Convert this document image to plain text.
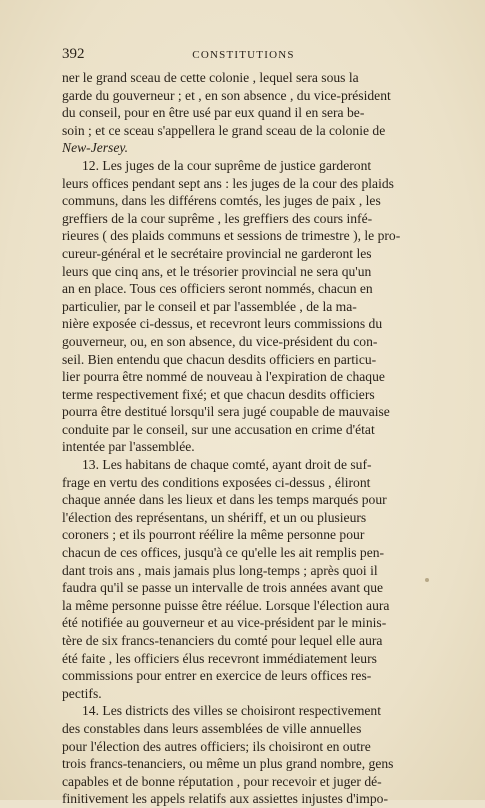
392	CONSTITUTIONS
ner le grand sceau de cette colonie , lequel sera sous la
garde du gouverneur ; et , en son absence , du vice-président
du conseil, pour en être usé par eux quand il en sera be-
soin ; et ce sceau s'appellera le grand sceau de la colonie de
New-Jersey.
12. Les juges de la cour suprême de justice garderont
leurs offices pendant sept ans : les juges de la cour des plaids
communs, dans les différens comtés, les juges de paix , les
greffiers de la cour suprême , les greffiers des cours infé-
rieures ( des plaids communs et sessions de trimestre ), le pro-
cureur-général et le secrétaire provincial ne garderont les
leurs que cinq ans, et le trésorier provincial ne sera qu'un
an en place. Tous ces officiers seront nommés, chacun en
particulier, par le conseil et par l'assemblée , de la ma-
nière exposée ci-dessus, et recevront leurs commissions du
gouverneur, ou, en son absence, du vice-président du con-
seil. Bien entendu que chacun desdits officiers en particu-
lier pourra être nommé de nouveau à l'expiration de chaque
terme respectivement fixé; et que chacun desdits officiers
pourra être destitué lorsqu'il sera jugé coupable de mauvaise
conduite par le conseil, sur une accusation en crime d'état
intentée par l'assemblée.
13. Les habitans de chaque comté, ayant droit de suf-
frage en vertu des conditions exposées ci-dessus , éliront
chaque année dans les lieux et dans les temps marqués pour
l'élection des représentans, un shériff, et un ou plusieurs
coroners ; et ils pourront réélire la même personne pour
chacun de ces offices, jusqu'à ce qu'elle les ait remplis pen-
dant trois ans , mais jamais plus long-temps ; après quoi il
faudra qu'il se passe un intervalle de trois années avant que
la même personne puisse être réélue. Lorsque l'élection aura
été notifiée au gouverneur et au vice-président par le minis-
tère de six francs-tenanciers du comté pour lequel elle aura
été faite , les officiers élus recevront immédiatement leurs
commissions pour entrer en exercice de leurs offices res-
pectifs.
14. Les districts des villes se choisiront respectivement
des constables dans leurs assemblées de ville annuelles
pour l'élection des autres officiers; ils choisiront en outre
trois francs-tenanciers, ou même un plus grand nombre, gens
capables et de bonne réputation , pour recevoir et juger dé-
finitivement les appels relatifs aux assiettes injustes d'impo-
